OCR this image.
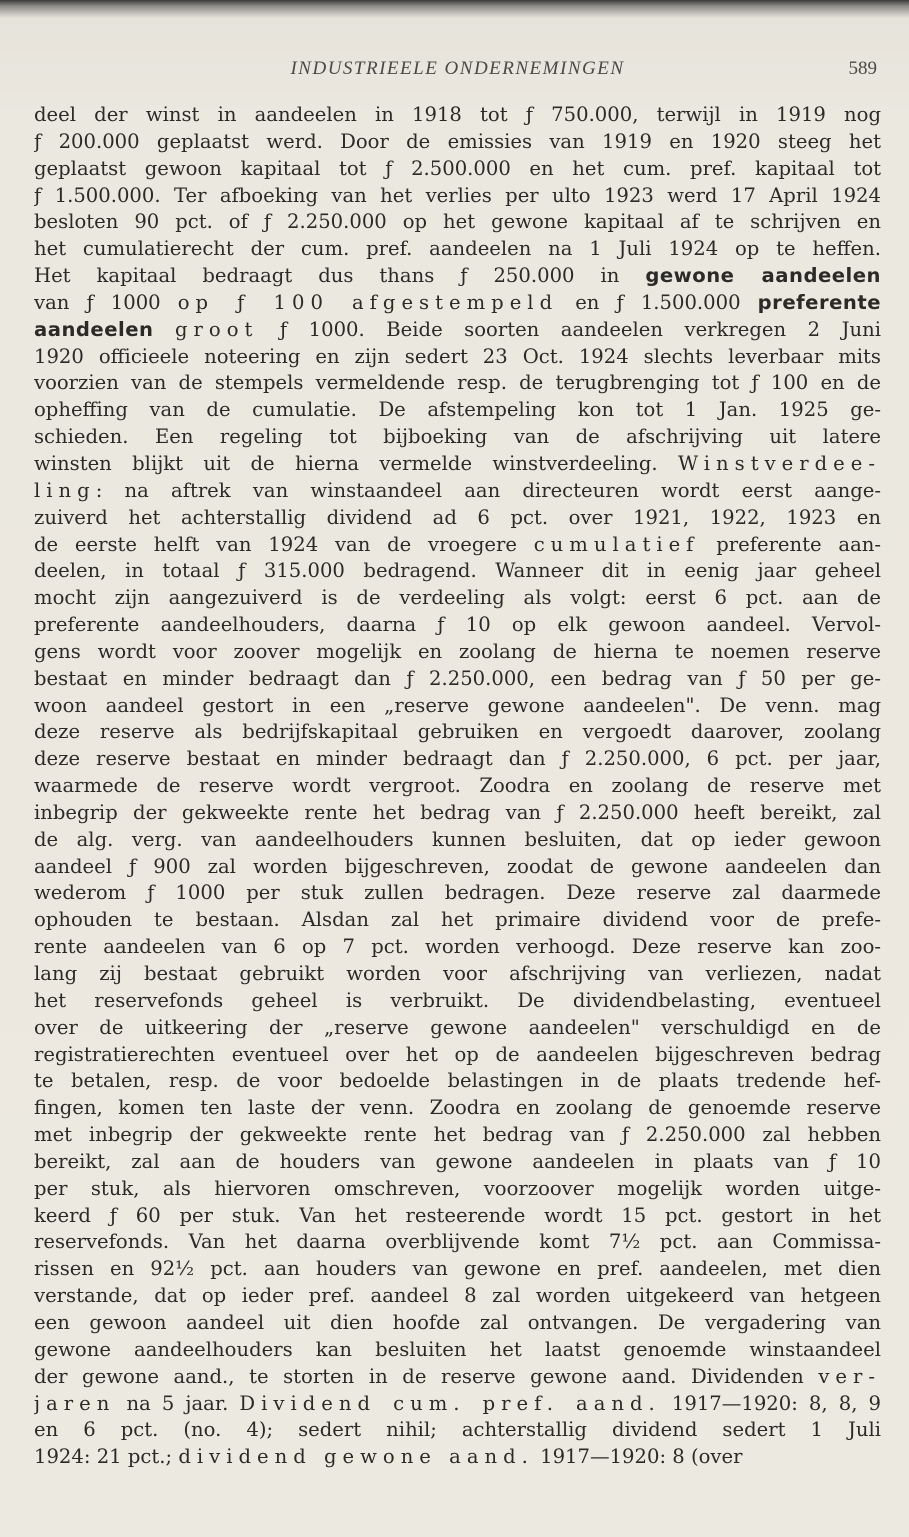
INDUSTRIEELE ONDERNEMINGEN	589
deel der winst in aandeelen in 1918 tot ƒ 750.000, terwijl in 1919 nog
ƒ 200.000 geplaatst werd. Door de emissies van 1919 en 1920 steeg het
geplaatst gewoon kapitaal tot ƒ 2.500.000 en het cum. pref. kapitaal tot
ƒ 1.500.000. Ter afboeking van het verlies per ulto 1923 werd 17 April 1924
besloten 90 pct. of ƒ 2.250.000 op het gewone kapitaal af te schrijven en
het cumulatierecht der cum. pref. aandeelen na 1 Juli 1924 op te heffen.
Het kapitaal bedraagt dus thans ƒ 250.000 in gewone aandeelen
van ƒ 1000 op ƒ 100 afgestempeld en ƒ 1.500.000 preferente
aandeelen groot ƒ 1000. Beide soorten aandeelen verkregen 2 Juni
1920 officieele noteering en zijn sedert 23 Oct. 1924 slechts leverbaar mits
voorzien van de stempels vermeldende resp. de terugbrenging tot ƒ 100 en de
opheffing van de cumulatie. De afstempeling kon tot 1 Jan. 1925 ge-
schieden. Een regeling tot bijboeking van de afschrijving uit latere
winsten blijkt uit de hierna vermelde winstverdeeling. Winstverdee-
ling: na aftrek van winstaandeel aan directeuren wordt eerst aange-
zuiverd het achterstallig dividend ad 6 pct. over 1921, 1922, 1923 en
de eerste helft van 1924 van de vroegere cumulatief preferente aan-
deelen, in totaal ƒ 315.000 bedragend. Wanneer dit in eenig jaar geheel
mocht zijn aangezuiverd is de verdeeling als volgt: eerst 6 pct. aan de
preferente aandeelhouders, daarna ƒ 10 op elk gewoon aandeel. Vervol-
gens wordt voor zoover mogelijk en zoolang de hierna te noemen reserve
bestaat en minder bedraagt dan ƒ 2.250.000, een bedrag van ƒ 50 per ge-
woon aandeel gestort in een „reserve gewone aandeelen". De venn. mag
deze reserve als bedrijfskapitaal gebruiken en vergoedt daarover, zoolang
deze reserve bestaat en minder bedraagt dan ƒ 2.250.000, 6 pct. per jaar,
waarmede de reserve wordt vergroot. Zoodra en zoolang de reserve met
inbegrip der gekweekte rente het bedrag van ƒ 2.250.000 heeft bereikt, zal
de alg. verg. van aandeelhouders kunnen besluiten, dat op ieder gewoon
aandeel ƒ 900 zal worden bijgeschreven, zoodat de gewone aandeelen dan
wederom ƒ 1000 per stuk zullen bedragen. Deze reserve zal daarmede
ophouden te bestaan. Alsdan zal het primaire dividend voor de prefe-
rente aandeelen van 6 op 7 pct. worden verhoogd. Deze reserve kan zoo-
lang zij bestaat gebruikt worden voor afschrijving van verliezen, nadat
het reservefonds geheel is verbruikt. De dividendbelasting, eventueel
over de uitkeering der „reserve gewone aandeelen" verschuldigd en de
registratierechten eventueel over het op de aandeelen bijgeschreven bedrag
te betalen, resp. de voor bedoelde belastingen in de plaats tredende hef-
fingen, komen ten laste der venn. Zoodra en zoolang de genoemde reserve
met inbegrip der gekweekte rente het bedrag van ƒ 2.250.000 zal hebben
bereikt, zal aan de houders van gewone aandeelen in plaats van ƒ 10
per stuk, als hiervoren omschreven, voorzoover mogelijk worden uitge-
keerd ƒ 60 per stuk. Van het resteerende wordt 15 pct. gestort in het
reservefonds. Van het daarna overblijvende komt 7½ pct. aan Commissa-
rissen en 92½ pct. aan houders van gewone en pref. aandeelen, met dien
verstande, dat op ieder pref. aandeel 8 zal worden uitgekeerd van hetgeen
een gewoon aandeel uit dien hoofde zal ontvangen. De vergadering van
gewone aandeelhouders kan besluiten het laatst genoemde winstaandeel
der gewone aand., te storten in de reserve gewone aand. Dividenden ver-
jaren na 5 jaar. Dividend cum. pref. aand. 1917—1920: 8, 8, 9
en 6 pct. (no. 4); sedert nihil; achterstallig dividend sedert 1 Juli
1924: 21 pct.; dividend gewone aand. 1917—1920: 8 (over
